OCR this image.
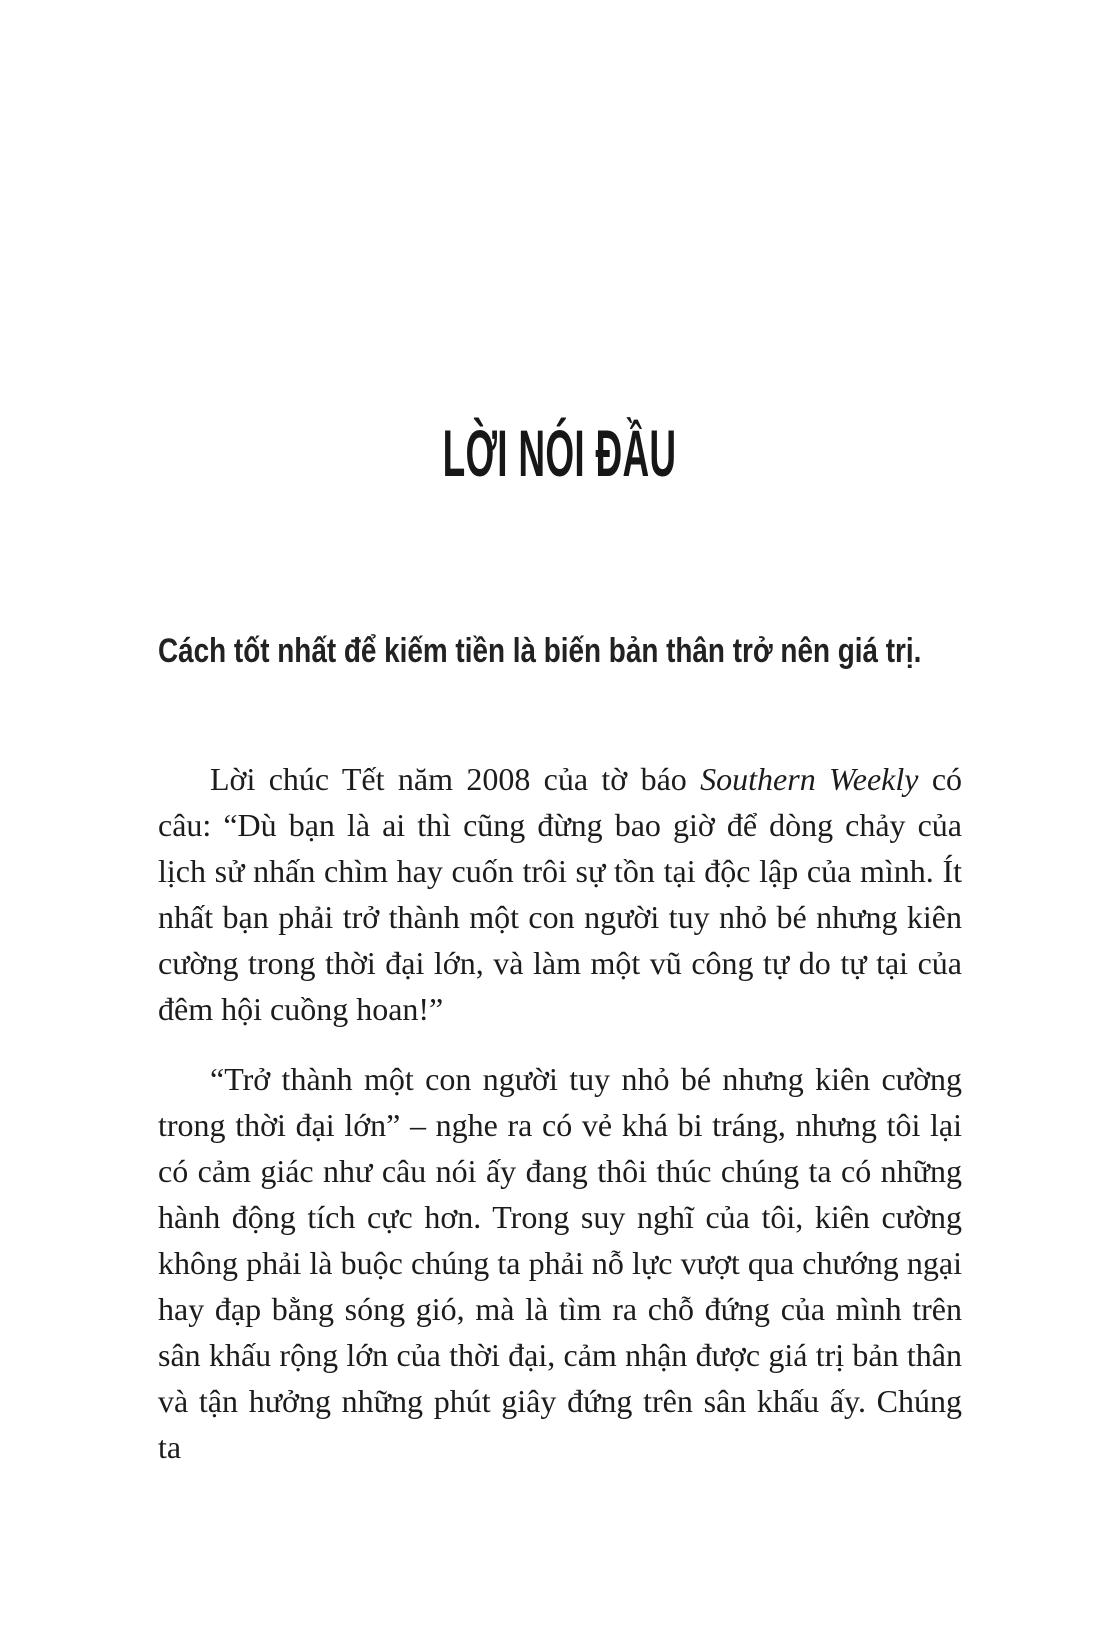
LỜI NÓI ĐẦU
Cách tốt nhất để kiếm tiền là biến bản thân trở nên giá trị.

Lời chúc Tết năm 2008 của tờ báo Southern Weekly có câu: “Dù bạn là ai thì cũng đừng bao giờ để dòng chảy của lịch sử nhấn chìm hay cuốn trôi sự tồn tại độc lập của mình. Ít nhất bạn phải trở thành một con người tuy nhỏ bé nhưng kiên cường trong thời đại lớn, và làm một vũ công tự do tự tại của đêm hội cuồng hoan!”

“Trở thành một con người tuy nhỏ bé nhưng kiên cường trong thời đại lớn” – nghe ra có vẻ khá bi tráng, nhưng tôi lại có cảm giác như câu nói ấy đang thôi thúc chúng ta có những hành động tích cực hơn. Trong suy nghĩ của tôi, kiên cường không phải là buộc chúng ta phải nỗ lực vượt qua chướng ngại hay đạp bằng sóng gió, mà là tìm ra chỗ đứng của mình trên sân khấu rộng lớn của thời đại, cảm nhận được giá trị bản thân và tận hưởng những phút giây đứng trên sân khấu ấy. Chúng ta
